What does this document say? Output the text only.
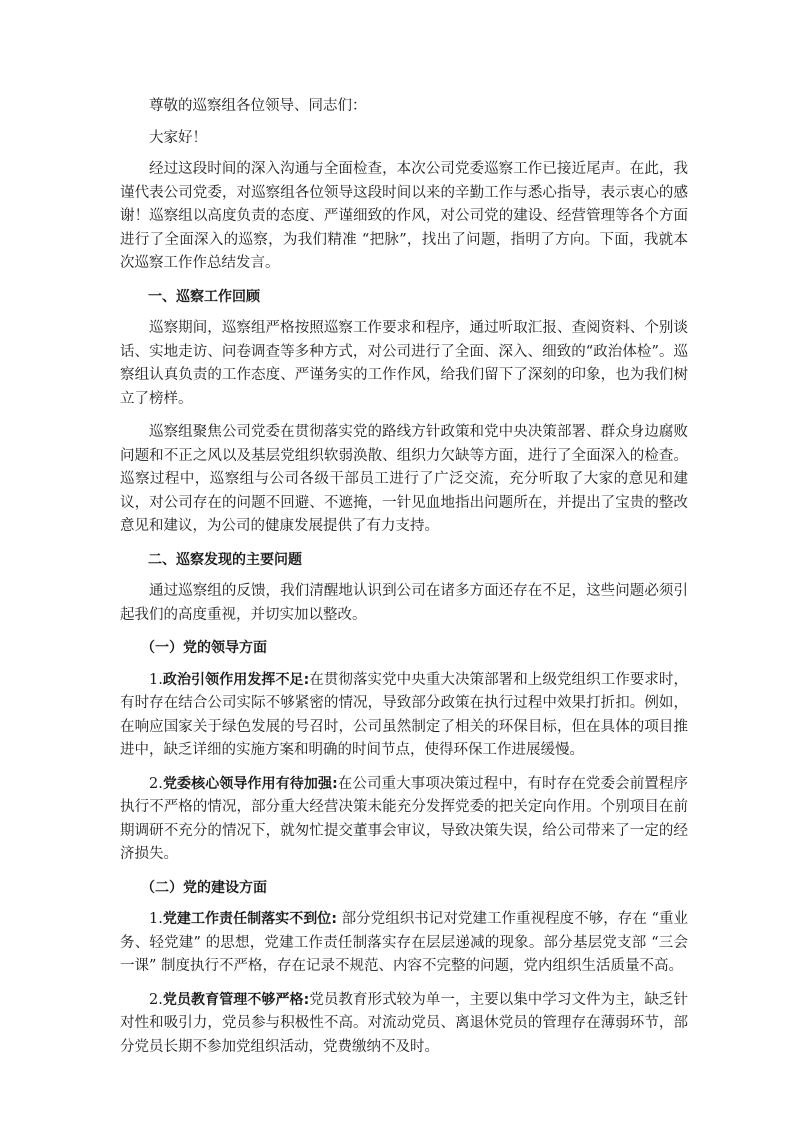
尊敬的巡察组各位领导、同志们：

大家好！

经过这段时间的深入沟通与全面检查，本次公司党委巡察工作已接近尾声。在此，我谨代表公司党委，对巡察组各位领导这段时间以来的辛勤工作与悉心指导，表示衷心的感谢！巡察组以高度负责的态度、严谨细致的作风，对公司党的建设、经营管理等各个方面进行了全面深入的巡察，为我们精准 “把脉”，找出了问题，指明了方向。下面，我就本次巡察工作作总结发言。

一、巡察工作回顾

巡察期间，巡察组严格按照巡察工作要求和程序，通过听取汇报、查阅资料、个别谈话、实地走访、问卷调查等多种方式，对公司进行了全面、深入、细致的“政治体检”。巡察组认真负责的工作态度、严谨务实的工作作风，给我们留下了深刻的印象，也为我们树立了榜样。

巡察组聚焦公司党委在贯彻落实党的路线方针政策和党中央决策部署、群众身边腐败问题和不正之风以及基层党组织软弱涣散、组织力欠缺等方面，进行了全面深入的检查。巡察过程中，巡察组与公司各级干部员工进行了广泛交流，充分听取了大家的意见和建议，对公司存在的问题不回避、不遮掩，一针见血地指出问题所在，并提出了宝贵的整改意见和建议，为公司的健康发展提供了有力支持。

二、巡察发现的主要问题

通过巡察组的反馈，我们清醒地认识到公司在诸多方面还存在不足，这些问题必须引起我们的高度重视，并切实加以整改。

（一）党的领导方面

1.政治引领作用发挥不足:在贯彻落实党中央重大决策部署和上级党组织工作要求时，有时存在结合公司实际不够紧密的情况，导致部分政策在执行过程中效果打折扣。例如，在响应国家关于绿色发展的号召时，公司虽然制定了相关的环保目标，但在具体的项目推进中，缺乏详细的实施方案和明确的时间节点，使得环保工作进展缓慢。

2.党委核心领导作用有待加强:在公司重大事项决策过程中，有时存在党委会前置程序执行不严格的情况，部分重大经营决策未能充分发挥党委的把关定向作用。个别项目在前期调研不充分的情况下，就匆忙提交董事会审议，导致决策失误，给公司带来了一定的经济损失。

（二）党的建设方面

1.党建工作责任制落实不到位: 部分党组织书记对党建工作重视程度不够，存在 “重业务、轻党建” 的思想，党建工作责任制落实存在层层递减的现象。部分基层党支部 “三会一课” 制度执行不严格，存在记录不规范、内容不完整的问题，党内组织生活质量不高。

2.党员教育管理不够严格:党员教育形式较为单一，主要以集中学习文件为主，缺乏针对性和吸引力，党员参与积极性不高。对流动党员、离退休党员的管理存在薄弱环节，部分党员长期不参加党组织活动，党费缴纳不及时。
